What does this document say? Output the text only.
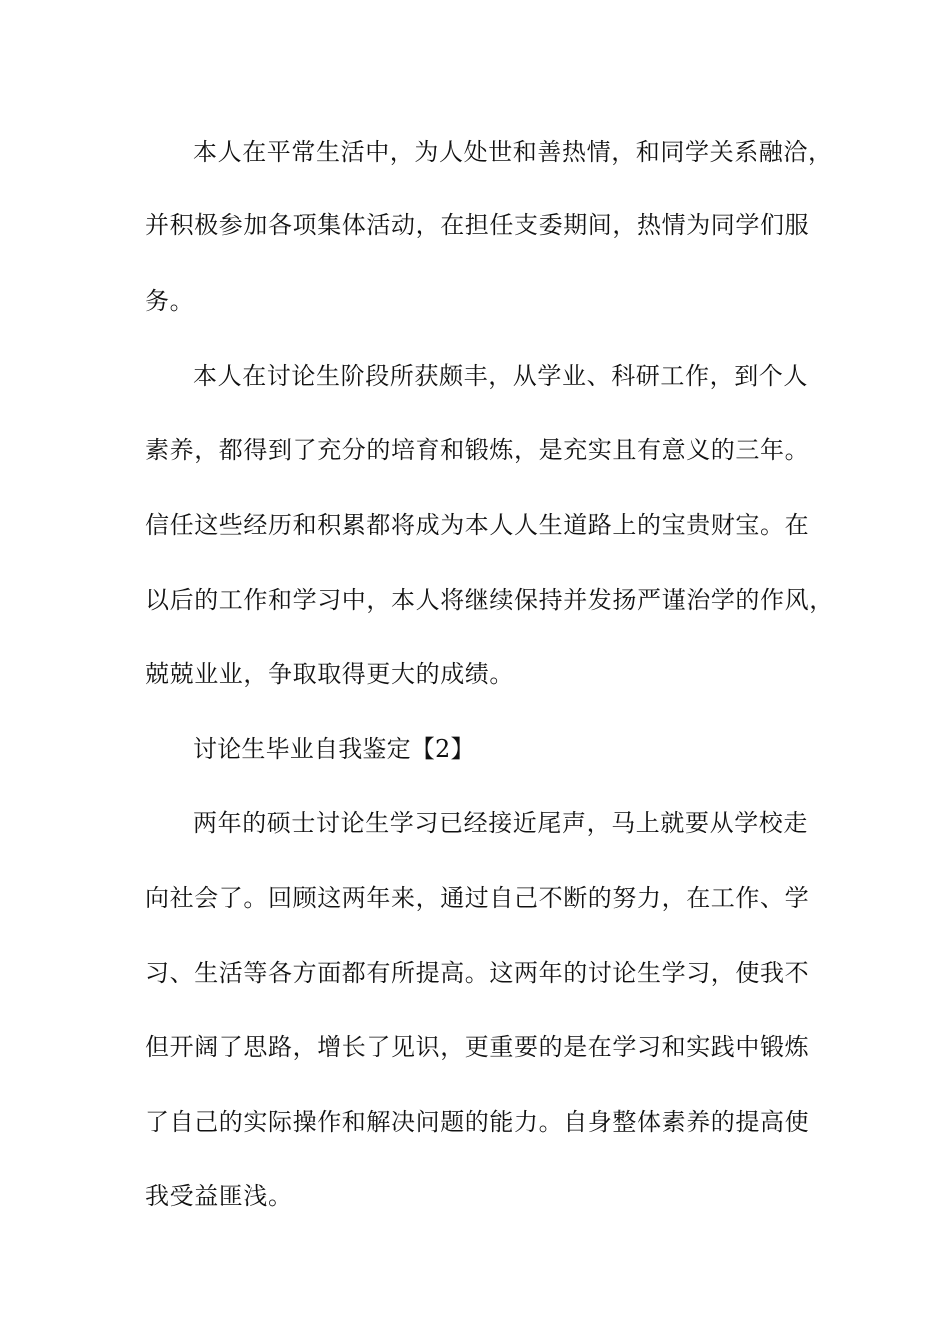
本人在平常生活中，为人处世和善热情，和同学关系融洽，
并积极参加各项集体活动，在担任支委期间，热情为同学们服
务。
本人在讨论生阶段所获颇丰，从学业、科研工作，到个人
素养，都得到了充分的培育和锻炼，是充实且有意义的三年。
信任这些经历和积累都将成为本人人生道路上的宝贵财宝。在
以后的工作和学习中，本人将继续保持并发扬严谨治学的作风，
兢兢业业，争取取得更大的成绩。
讨论生毕业自我鉴定【2】
两年的硕士讨论生学习已经接近尾声，马上就要从学校走
向社会了。回顾这两年来，通过自己不断的努力，在工作、学
习、生活等各方面都有所提高。这两年的讨论生学习，使我不
但开阔了思路，增长了见识，更重要的是在学习和实践中锻炼
了自己的实际操作和解决问题的能力。自身整体素养的提高使
我受益匪浅。
